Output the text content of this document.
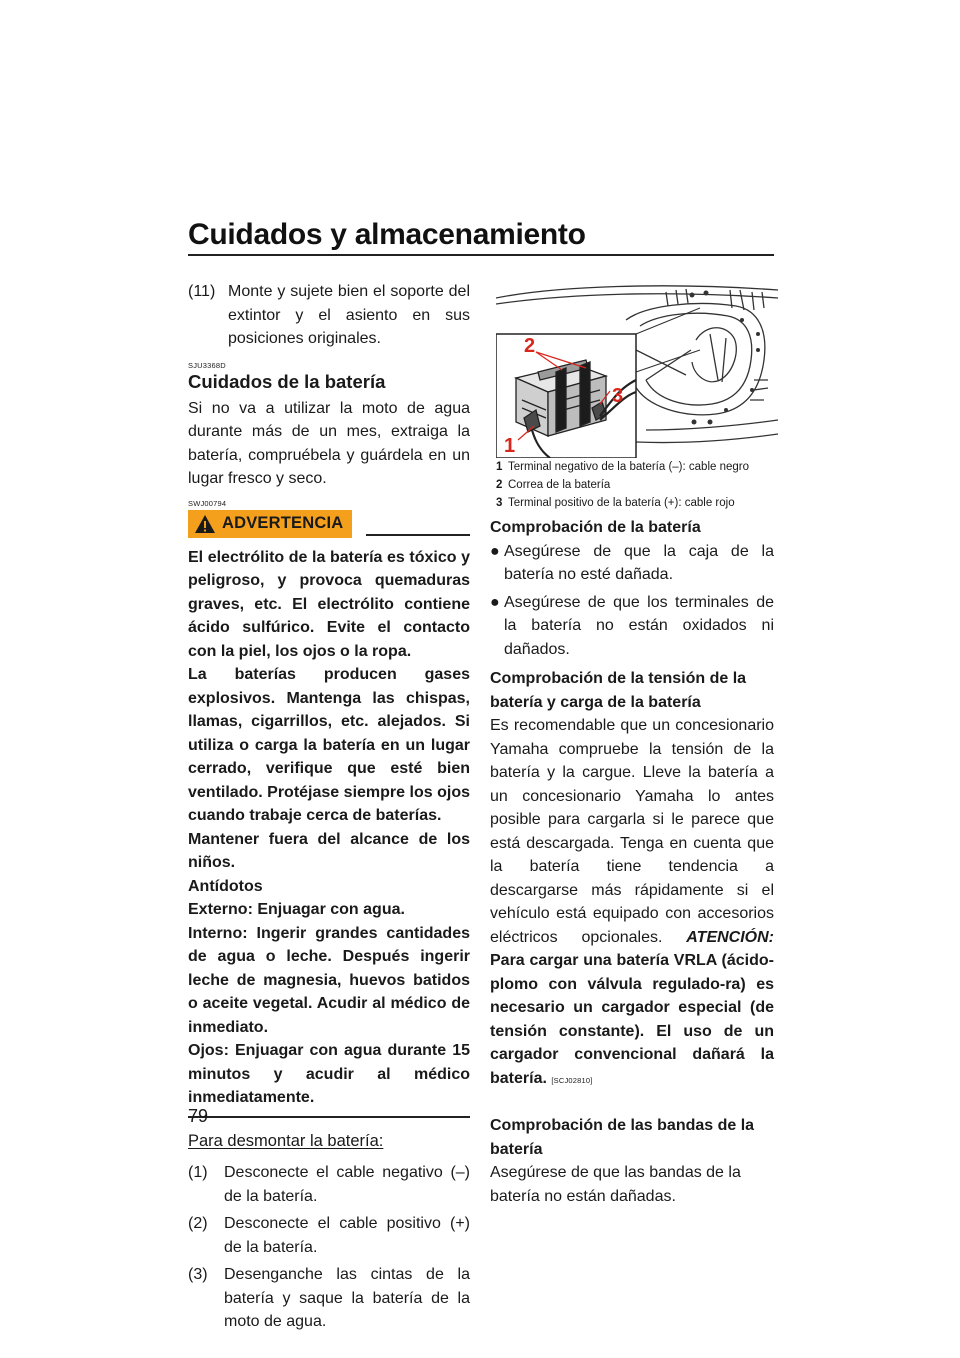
Cuidados y almacenamiento
(11) Monte y sujete bien el soporte del extintor y el asiento en sus posiciones originales.
SJU3368D
Cuidados de la batería

Si no va a utilizar la moto de agua durante más de un mes, extraiga la batería, compruébela y guárdela en un lugar fresco y seco.

SWJ00794
ADVERTENCIA

El electrólito de la batería es tóxico y peligroso, y provoca quemaduras graves, etc. El electrólito contiene ácido sulfúrico. Evite el contacto con la piel, los ojos o la ropa.

La baterías producen gases explosivos. Mantenga las chispas, llamas, cigarrillos, etc. alejados. Si utiliza o carga la batería en un lugar cerrado, verifique que esté bien ventilado. Protéjase siempre los ojos cuando trabaje cerca de baterías.

Mantener fuera del alcance de los niños.

Antídotos

Externo: Enjuagar con agua.

Interno: Ingerir grandes cantidades de agua o leche. Después ingerir leche de magnesia, huevos batidos o aceite vegetal. Acudir al médico de inmediato.

Ojos: Enjuagar con agua durante 15 minutos y acudir al médico inmediatamente.

Para desmontar la batería:
(1) Desconecte el cable negativo (–) de la batería.
(2) Desconecte el cable positivo (+) de la batería.
(3) Desenganche las cintas de la batería y saque la batería de la moto de agua.
2
3
1
1 Terminal negativo de la batería (–): cable negro
2 Correa de la batería
3 Terminal positivo de la batería (+): cable rojo
Comprobación de la batería
● Asegúrese de que la caja de la batería no esté dañada.
● Asegúrese de que los terminales de la batería no están oxidados ni dañados.
Comprobación de la tensión de la batería y carga de la batería

Es recomendable que un concesionario Yamaha compruebe la tensión de la batería y la cargue. Lleve la batería a un concesionario Yamaha lo antes posible para cargarla si le parece que está descargada. Tenga en cuenta que la batería tiene tendencia a descargarse más rápidamente si el vehículo está equipado con accesorios eléctricos opcionales. ATENCIÓN: Para cargar una batería VRLA (ácido-plomo con válvula regulado-ra) es necesario un cargador especial (de tensión constante). El uso de un cargador convencional dañará la batería. [SCJ02810]

Comprobación de las bandas de la batería

Asegúrese de que las bandas de la batería no están dañadas.

79
